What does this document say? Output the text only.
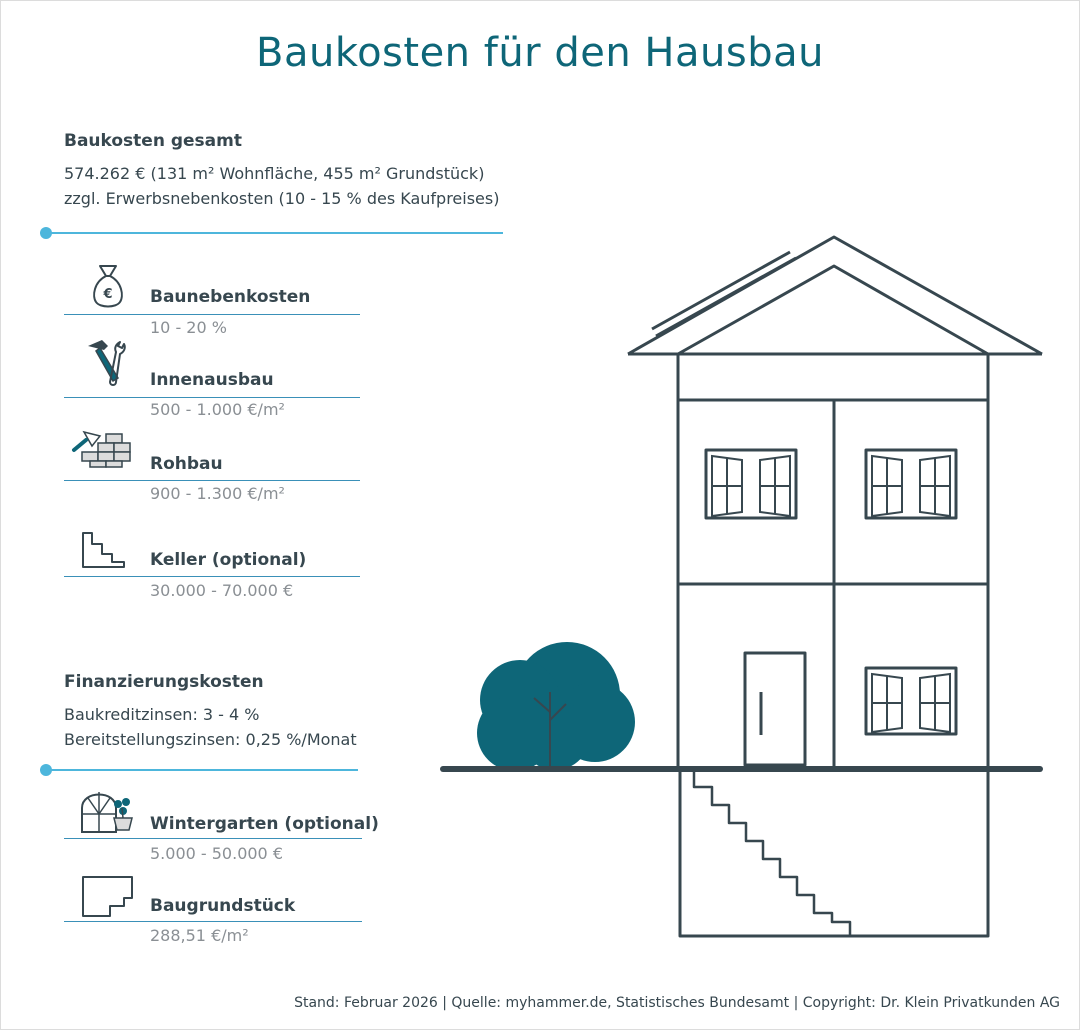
Baukosten für den Hausbau
Baukosten gesamt
574.262 € (131 m² Wohnfläche, 455 m² Grundstück)
zzgl. Erwerbsnebenkosten (10 - 15 % des Kaufpreises)
€ Baunebenkosten
10 - 20 %
Innenausbau
500 - 1.000 €/m²
Rohbau
900 - 1.300 €/m²
Keller (optional)
30.000 - 70.000 €
Finanzierungskosten
Baukreditzinsen: 3 - 4 %
Bereitstellungszinsen: 0,25 %/Monat
Wintergarten (optional)
5.000 - 50.000 €
Baugrundstück
288,51 €/m²
Stand: Februar 2026 | Quelle: myhammer.de, Statistisches Bundesamt | Copyright: Dr. Klein Privatkunden AG
